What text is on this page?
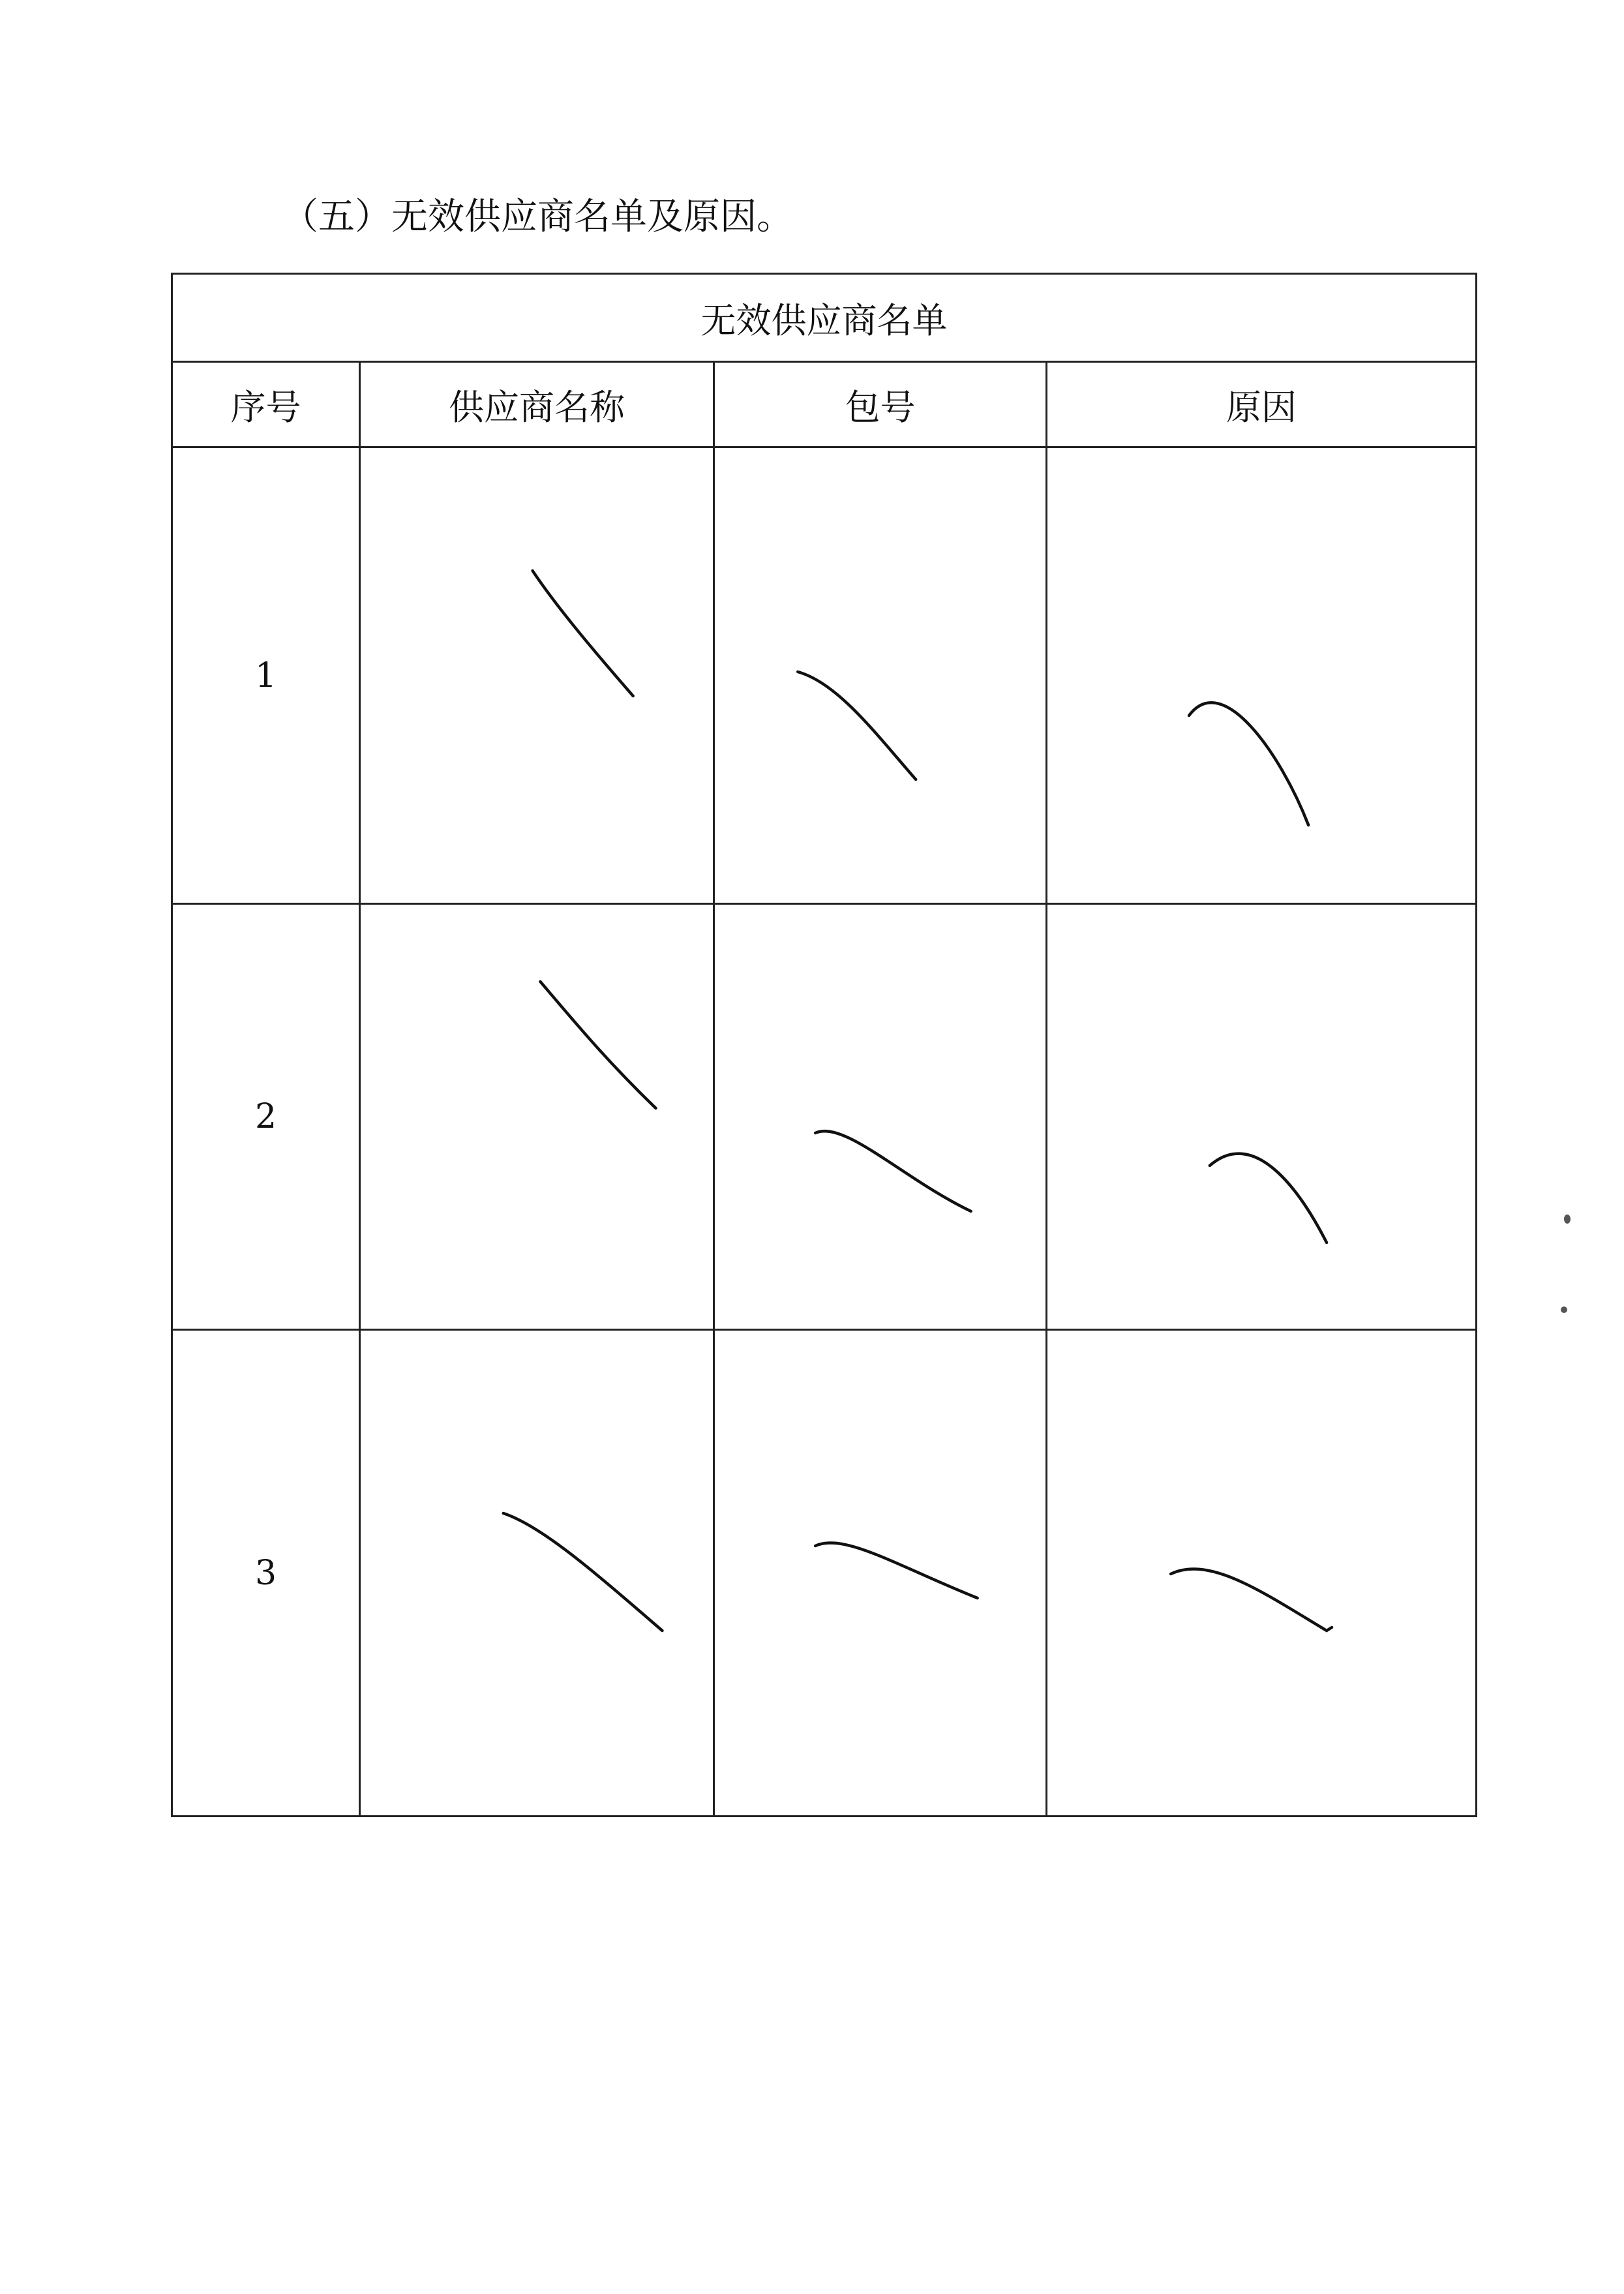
（五）无效供应商名单及原因。
无效供应商名单			
序号	供应商名称	包号	原因
1	

2	

3	
